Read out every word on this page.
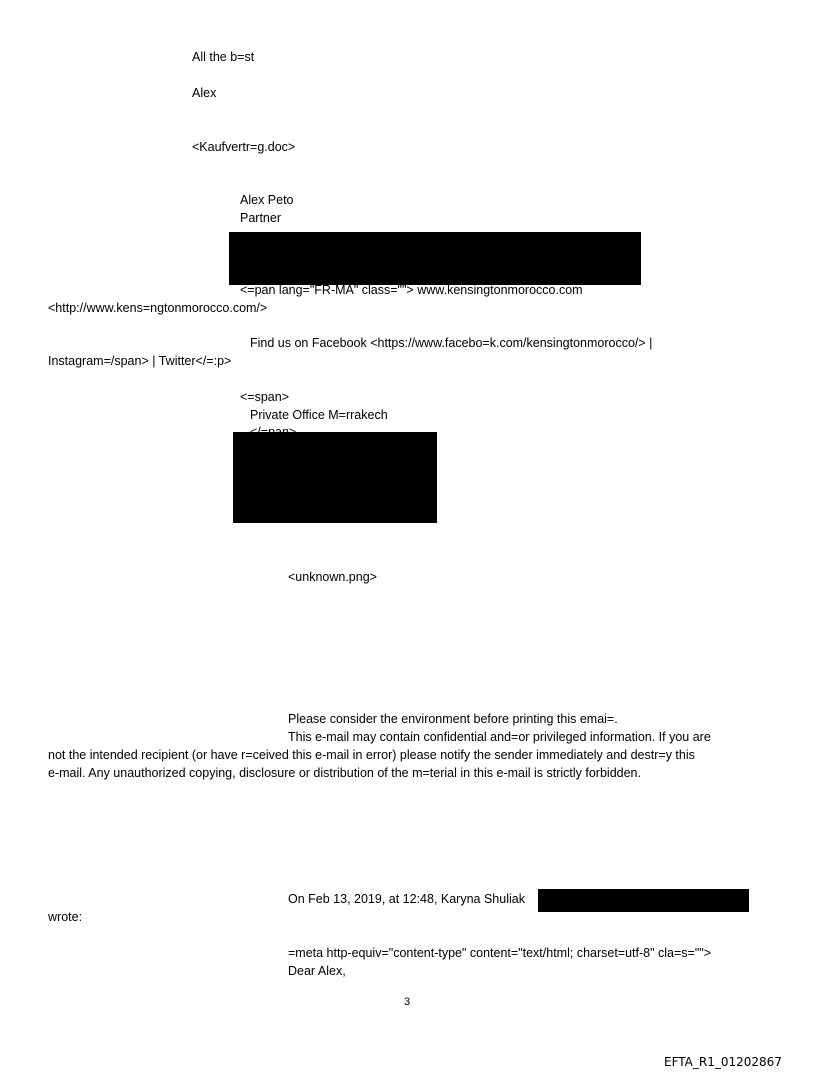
All the b=st
Alex
<Kaufvertr=g.doc>
Alex Peto
Partner
<=pan lang="FR-MA" class=""> www.kensingtonmorocco.com
<http://www.kens=ngtonmorocco.com/>
Find us on Facebook <https://www.facebo=k.com/kensingtonmorocco/> |
Instagram=/span> | Twitter</=:p>
<=span>
Private Office M=rrakech
<unknown.png>
Please consider the environment before printing this emai=.
This e-mail may contain confidential and=or privileged information. If you are
not the intended recipient (or have r=ceived this e-mail in error) please notify the sender immediately and destr=y this
e-mail. Any unauthorized copying, disclosure or distribution of the m=terial in this e-mail is strictly forbidden.
On Feb 13, 2019, at 12:48, Karyna Shuliak
wrote:
=meta http-equiv="content-type" content="text/html; charset=utf-8" cla=s="">
Dear Alex,
3
EFTA_R1_01202867
